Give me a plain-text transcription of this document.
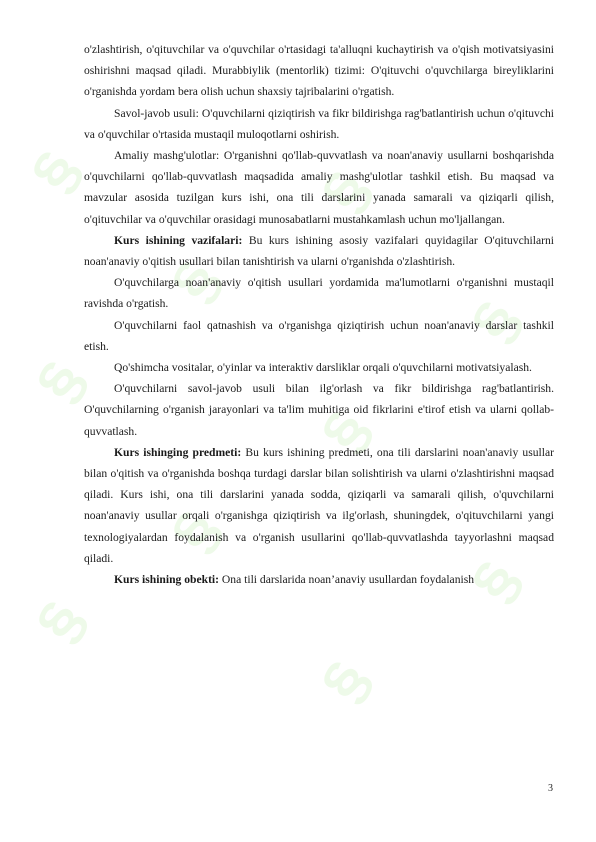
§
§
§
§
§
§
§
§
§
§

o'zlashtirish, o'qituvchilar va o'quvchilar o'rtasidagi ta'alluqni kuchaytirish va o'qish motivatsiyasini oshirishni maqsad qiladi. Murabbiylik (mentorlik) tizimi: O'qituvchi o'quvchilarga bireyliklarini o'rganishda yordam bera olish uchun shaxsiy tajribalarini o'rgatish.

Savol-javob usuli: O'quvchilarni qiziqtirish va fikr bildirishga rag'batlantirish uchun o'qituvchi va o'quvchilar o'rtasida mustaqil muloqotlarni oshirish.

Amaliy mashg'ulotlar: O'rganishni qo'llab-quvvatlash va noan'anaviy usullarni boshqarishda o'quvchilarni qo'llab-quvvatlash maqsadida amaliy mashg'ulotlar tashkil etish. Bu maqsad va mavzular asosida tuzilgan kurs ishi, ona tili darslarini yanada samarali va qiziqarli qilish, o'qituvchilar va o'quvchilar orasidagi munosabatlarni mustahkamlash uchun mo'ljallangan.

Kurs ishining vazifalari: Bu kurs ishining asosiy vazifalari quyidagilar O'qituvchilarni noan'anaviy o'qitish usullari bilan tanishtirish va ularni o'rganishda o'zlashtirish.

O'quvchilarga noan'anaviy o'qitish usullari yordamida ma'lumotlarni o'rganishni mustaqil ravishda o'rgatish.

O'quvchilarni faol qatnashish va o'rganishga qiziqtirish uchun noan'anaviy darslar tashkil etish.

Qo'shimcha vositalar, o'yinlar va interaktiv darsliklar orqali o'quvchilarni motivatsiyalash.

O'quvchilarni savol-javob usuli bilan ilg'orlash va fikr bildirishga rag'batlantirish. O'quvchilarning o'rganish jarayonlari va ta'lim muhitiga oid fikrlarini e'tirof etish va ularni qollab-quvvatlash.

Kurs ishinging predmeti: Bu kurs ishining predmeti, ona tili darslarini noan'anaviy usullar bilan o'qitish va o'rganishda boshqa turdagi darslar bilan solishtirish va ularni o'zlashtirishni maqsad qiladi. Kurs ishi, ona tili darslarini yanada sodda, qiziqarli va samarali qilish, o'quvchilarni noan'anaviy usullar orqali o'rganishga qiziqtirish va ilg'orlash, shuningdek, o'qituvchilarni yangi texnologiyalardan foydalanish va o'rganish usullarini qo'llab-quvvatlashda tayyorlashni maqsad qiladi.

Kurs ishining obekti: Ona tili darslarida noan’anaviy usullardan foydalanish

3
